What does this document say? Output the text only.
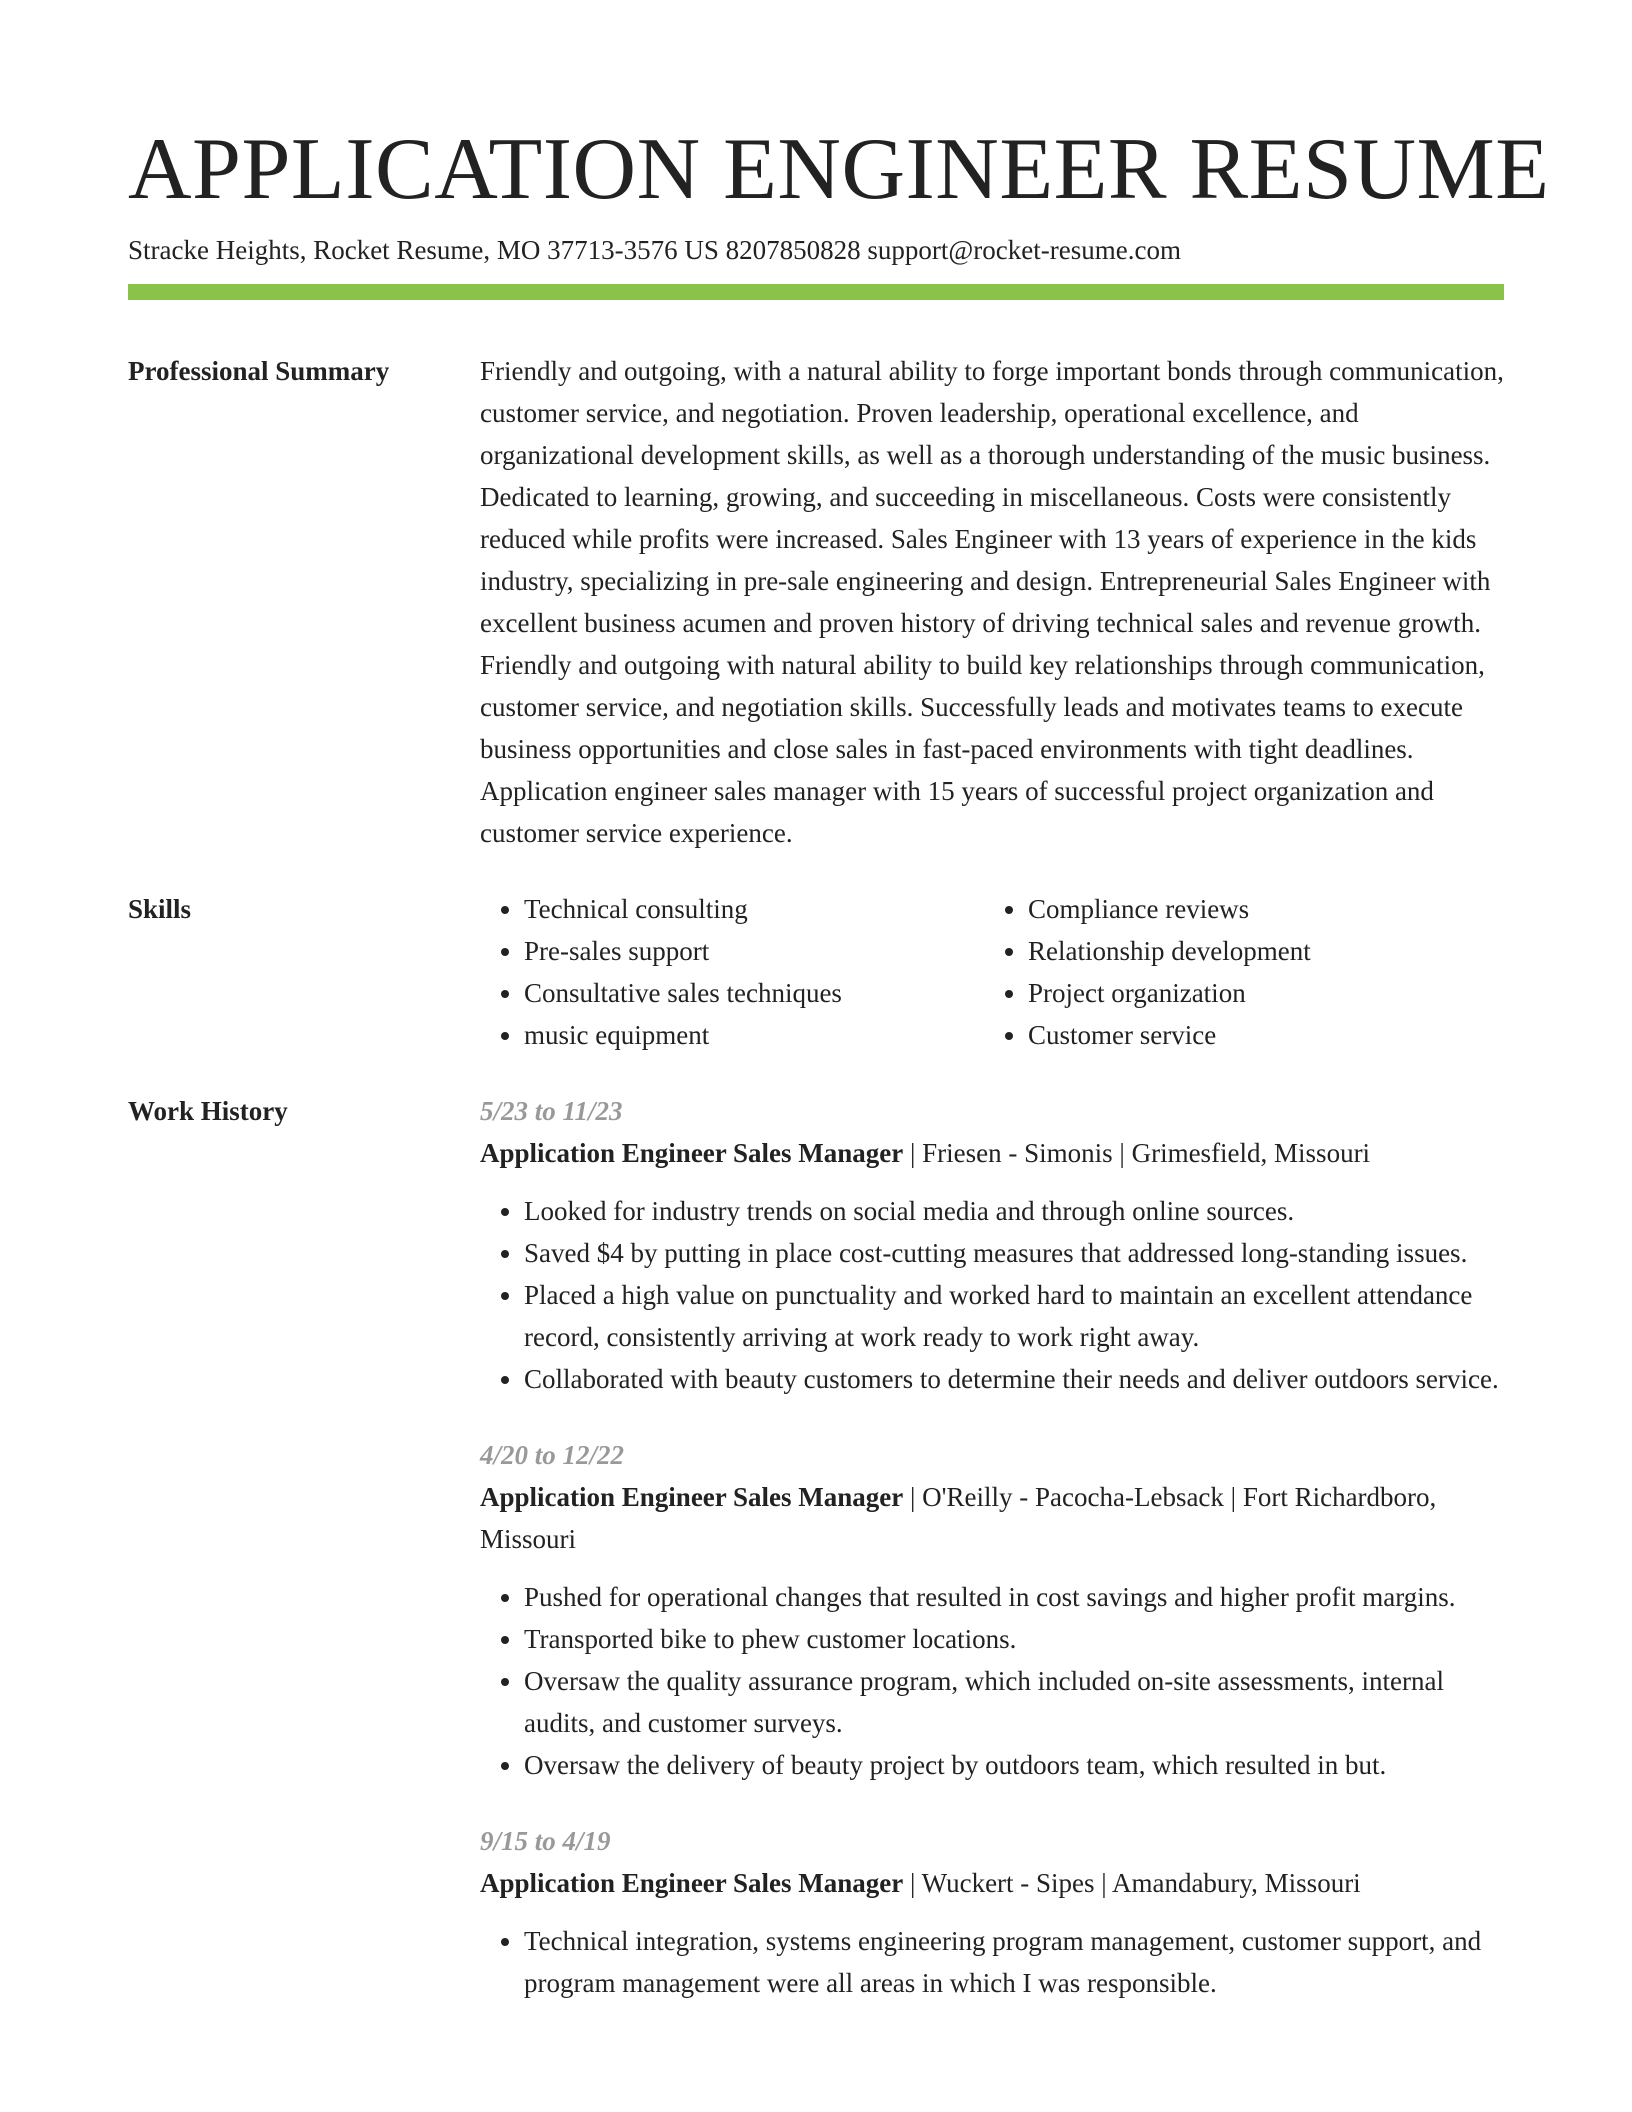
APPLICATION ENGINEER RESUME
Stracke Heights, Rocket Resume, MO 37713-3576 US 8207850828 support@rocket-resume.com
Professional Summary	Friendly and outgoing, with a natural ability to forge important bonds through communication, customer service, and negotiation. Proven leadership, operational excellence, and organizational development skills, as well as a thorough understanding of the music business. Dedicated to learning, growing, and succeeding in miscellaneous. Costs were consistently reduced while profits were increased. Sales Engineer with 13 years of experience in the kids industry, specializing in pre-sale engineering and design. Entrepreneurial Sales Engineer with excellent business acumen and proven history of driving technical sales and revenue growth. Friendly and outgoing with natural ability to build key relationships through communication, customer service, and negotiation skills. Successfully leads and motivates teams to execute business opportunities and close sales in fast-paced environments with tight deadlines. Application engineer sales manager with 15 years of successful project organization and customer service experience.

Skills
•	Technical consulting
• Pre-sales support
• Consultative sales techniques
• music equipment
• Compliance reviews
• Relationship development
• Project organization
• Customer service
Work History	5/23 to 11/23
Application Engineer Sales Manager | Friesen - Simonis | Grimesfield, Missouri
• Looked for industry trends on social media and through online sources.
• Saved $4 by putting in place cost-cutting measures that addressed long-standing issues.
• Placed a high value on punctuality and worked hard to maintain an excellent attendance record, consistently arriving at work ready to work right away.
• Collaborated with beauty customers to determine their needs and deliver outdoors service.
4/20 to 12/22
Application Engineer Sales Manager | O'Reilly - Pacocha-Lebsack | Fort Richardboro, Missouri
• Pushed for operational changes that resulted in cost savings and higher profit margins.
• Transported bike to phew customer locations.
• Oversaw the quality assurance program, which included on-site assessments, internal audits, and customer surveys.
• Oversaw the delivery of beauty project by outdoors team, which resulted in but.
9/15 to 4/19
Application Engineer Sales Manager | Wuckert - Sipes | Amandabury, Missouri
• Technical integration, systems engineering program management, customer support, and program management were all areas in which I was responsible.
